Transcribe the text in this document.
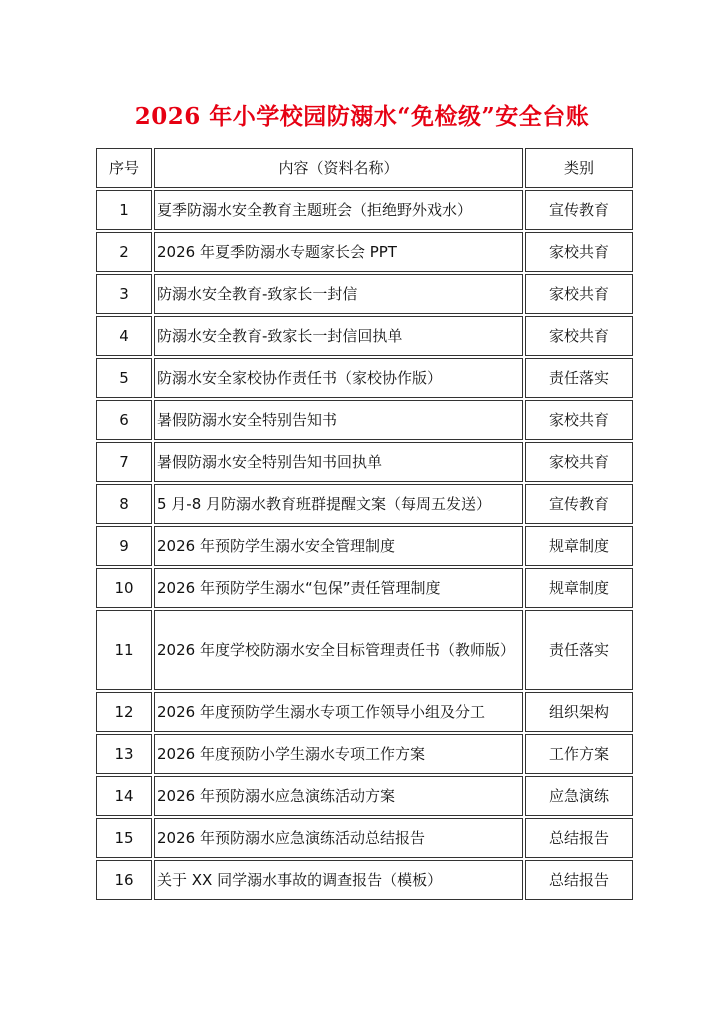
2026 年小学校园防溺水“免检级”安全台账
序号	内容（资料名称）	类别
1	夏季防溺水安全教育主题班会（拒绝野外戏水）	宣传教育
2	2026 年夏季防溺水专题家长会 PPT	家校共育
3	防溺水安全教育-致家长一封信	家校共育
4	防溺水安全教育-致家长一封信回执单	家校共育
5	防溺水安全家校协作责任书（家校协作版）	责任落实
6	暑假防溺水安全特别告知书	家校共育
7	暑假防溺水安全特别告知书回执单	家校共育
8	5 月-8 月防溺水教育班群提醒文案（每周五发送）	宣传教育
9	2026 年预防学生溺水安全管理制度	规章制度
10	2026 年预防学生溺水“包保”责任管理制度	规章制度
11	2026 年度学校防溺水安全目标管理责任书（教师版）	责任落实
12	2026 年度预防学生溺水专项工作领导小组及分工	组织架构
13	2026 年度预防小学生溺水专项工作方案	工作方案
14	2026 年预防溺水应急演练活动方案	应急演练
15	2026 年预防溺水应急演练活动总结报告	总结报告
16	关于 XX 同学溺水事故的调查报告（模板）	总结报告
